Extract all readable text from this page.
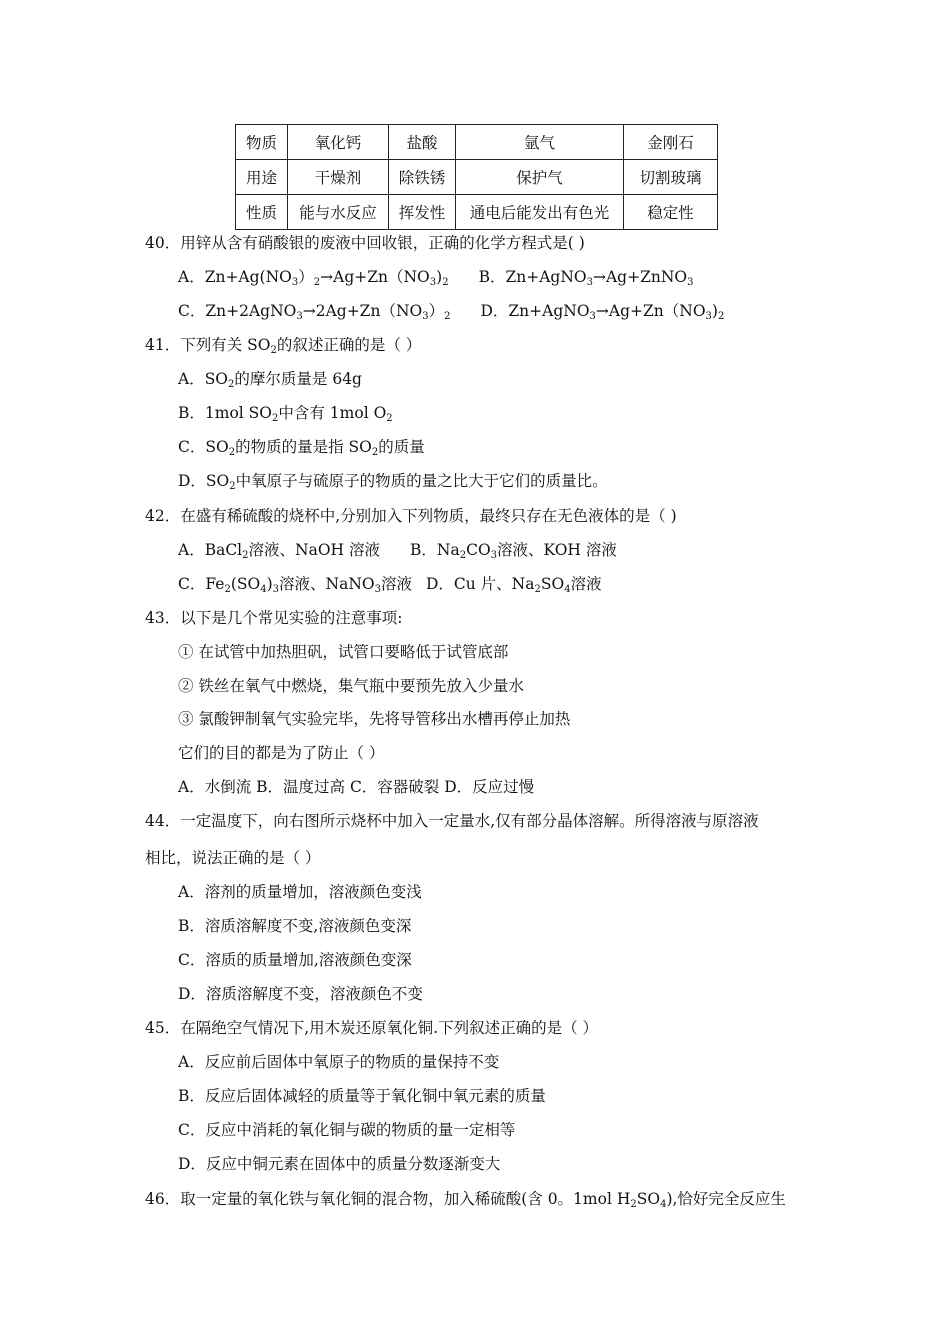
物质	氧化钙	盐酸	氩气	金刚石
用途	干燥剂	除铁锈	保护气	切割玻璃
性质	能与水反应	挥发性	通电后能发出有色光	稳定性
40．用锌从含有硝酸银的废液中回收银，正确的化学方程式是( )
A．$Zn+Ag(NO_3)_2\to Ag+Zn(NO_3)_2$ B．Zn+AgNO$_3$→Ag+ZnNO$_3$
C．$Zn+2AgNO_3\to 2Ag+Zn(NO_3)_2$ D．$Zn+AgNO_3\to Ag+Zn(NO_3)_2$
41．下列有关 $SO_2$的叙述正确的是（ ）
A．$SO_2$的摩尔质量是 64g
B．1mol $SO_2$中含有 1mol $O_2$
C．$SO_2$的物质的量是指 $SO_2$的质量
D．$SO_2$中氧原子与硫原子的物质的量之比大于它们的质量比。
42．在盛有稀硫酸的烧杯中,分别加入下列物质，最终只存在无色液体的是（ )
A．BaCl$_2$溶液、NaOH 溶液 B．$Na_2CO_3$溶液、KOH 溶液
C．$Fe_2(SO_4)_3$溶液、NaNO$_3$溶液 D．Cu 片、$Na_2SO_4$溶液
43．以下是几个常见实验的注意事项:
① 在试管中加热胆矾，试管口要略低于试管底部
② 铁丝在氧气中燃烧，集气瓶中要预先放入少量水
③ 氯酸钾制氧气实验完毕，先将导管移出水槽再停止加热
它们的目的都是为了防止（ ）
A．水倒流 B．温度过高 C．容器破裂 D．反应过慢
44．一定温度下，向右图所示烧杯中加入一定量水,仅有部分晶体溶解。所得溶液与原溶液
相比，说法正确的是（ ）
A．溶剂的质量增加，溶液颜色变浅
B．溶质溶解度不变,溶液颜色变深
C．溶质的质量增加,溶液颜色变深
D．溶质溶解度不变，溶液颜色不变
45．在隔绝空气情况下,用木炭还原氧化铜.下列叙述正确的是（ ）
A．反应前后固体中氧原子的物质的量保持不变
B．反应后固体减轻的质量等于氧化铜中氧元素的质量
C．反应中消耗的氧化铜与碳的物质的量一定相等
D．反应中铜元素在固体中的质量分数逐渐变大
46．取一定量的氧化铁与氧化铜的混合物，加入稀硫酸(含 0。1mol $H_2SO_4$),恰好完全反应生
